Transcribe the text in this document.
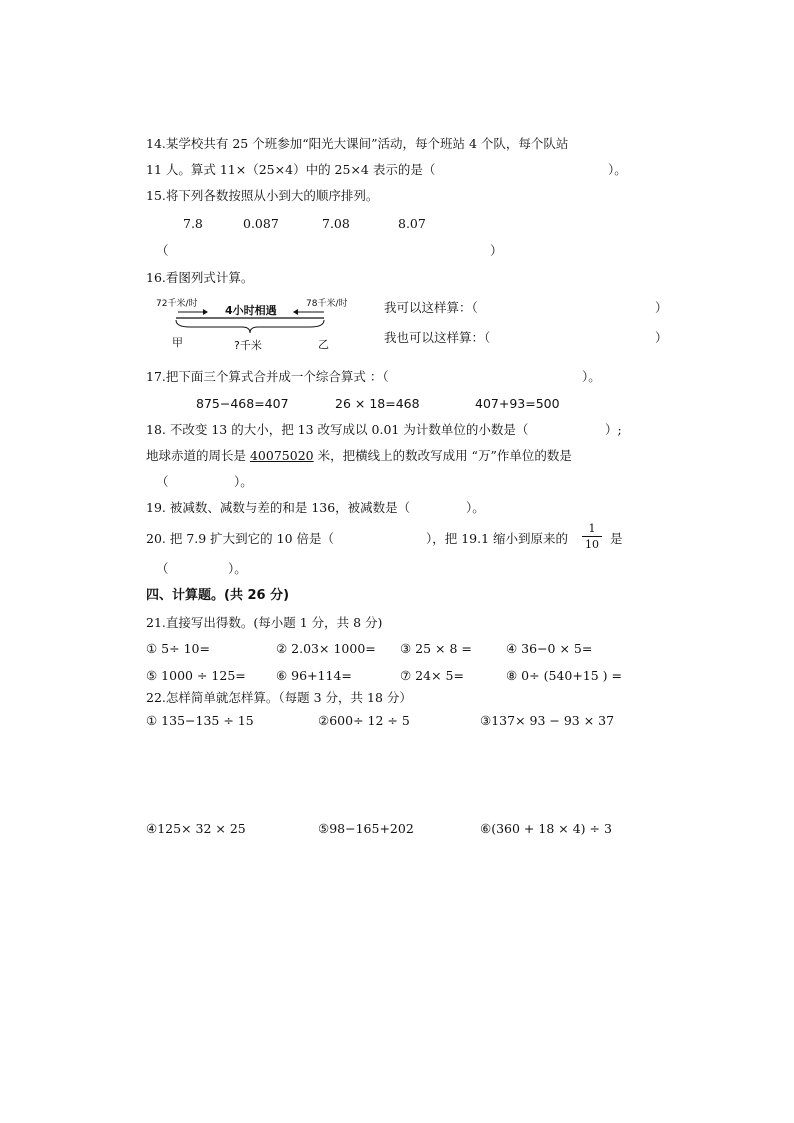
14.某学校共有 25 个班参加“阳光大课间”活动，每个班站 4 个队，每个队站
11 人。算式 11×（25×4）中的 25×4 表示的是（	）。
15.将下列各数按照从小到大的顺序排列。
7.8	0.087	7.08	8.07
（	）
16.看图列式计算。
72千米/时	78千米/时
4小时相遇
?千米
甲	乙
我可以这样算：（	）
我也可以这样算：（	）
17.把下面三个算式合并成一个综合算式 ：（	）。
875−468=407	26 × 18=468	407+93=500
18. 不改变 13 的大小，把 13 改写成以 0.01 为计数单位的小数是（	）;
地球赤道的周长是 40075020 米，把横线上的数改写成用 “万”作单位的数是
（	）。
19. 被减数、减数与差的和是 136，被减数是（	）。
20. 把 7.9 扩大到它的 10 倍是（	），把 19.1 缩小到原来的
1
10 是
（	）。
四、计算题。(共 26 分)
21.直接写出得数。(每小题 1 分，共 8 分)
① 5÷ 10=	② 2.03× 1000= ③ 25 × 8 =	④ 36−0 × 5=
⑤ 1000 ÷ 125= ⑥ 96+114=	⑦ 24× 5=	⑧ 0÷ (540+15 ) =
22.怎样简单就怎样算。（每题 3 分，共 18 分）
① 135−135 ÷ 15	②600÷ 12 ÷ 5	③137× 93 − 93 × 37
④125× 32 × 25	⑤98−165+202	⑥(360 + 18 × 4) ÷ 3
